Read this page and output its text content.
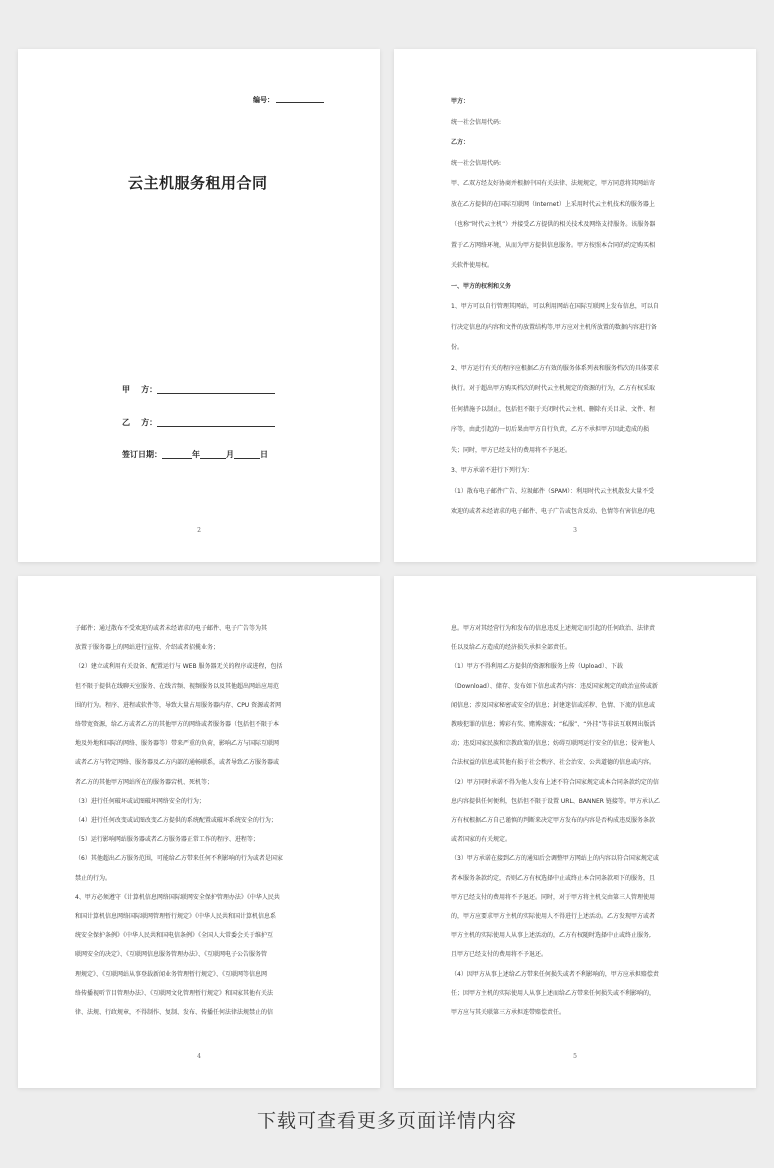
编号：
云主机服务租用合同
甲    方：
乙    方：
签订日期：	年	月	日
2

甲方：

统一社会信用代码:

乙方：

统一社会信用代码:

甲、乙双方经友好协商并根据中国有关法律、法规规定，甲方同意将其网站寄

放在乙方提供的在国际互联网（Internet）上采用时代云主机技术的服务器上

（也称“时代云主机”）并接受乙方提供的相关技术及网络支持服务。该服务器

置于乙方网络环境，从而为甲方提供信息服务。甲方按照本合同的约定购买相

关软件使用权。

一、甲方的权利和义务

1、甲方可以自行管理其网站，可以利用网站在国际互联网上发布信息，可以自

行决定信息的内容和文件的放置结构等,甲方应对主机所放置的数据内容进行备

份。

2、甲方运行有关的程序应根据乙方有效的服务体系列表和服务档次的具体要求

执行。对于超出甲方购买档次的时代云主机规定的资源的行为，乙方有权采取

任何措施予以制止，包括但不限于关闭时代云主机、删除有关目录、文件、程

序等，由此引起的一切后果由甲方自行负责，乙方不承担甲方因此造成的损

失；同时，甲方已经支付的费用将不予退还。

3、甲方承诺不进行下列行为：

（1）散布电子邮件广告、垃圾邮件（SPAM）：利用时代云主机散发大量不受

欢迎的或者未经请求的电子邮件、电子广告或包含反动、色情等有害信息的电

3

子邮件；通过散布不受欢迎的或者未经请求的电子邮件、电子广告等为其

放置于服务器上的网站进行宣传、介绍或者招揽业务；

（2）建立或利用有关设备、配置运行与 WEB 服务器无关的程序或进程，包括

但不限于提供在线聊天室服务、在线音频、视频服务以及其他超出网站应用范

围的行为。程序、进程或软件等，导致大量占用服务器内存、CPU 资源或者网

络带宽资源，给乙方或者乙方的其他甲方的网络或者服务器（包括但不限于本

地及外地和国际的网络、服务器等）带来严重的负荷，影响乙方与国际互联网

或者乙方与特定网络、服务器及乙方内部的通畅联系，或者导致乙方服务器或

者乙方的其他甲方网站所在的服务器宕机、死机等；

（3）进行任何破坏或试图破坏网络安全的行为；

（4）进行任何改变或试图改变乙方提供的系统配置或破坏系统安全的行为；

（5）运行影响网站服务器或者乙方服务器正常工作的程序、进程等；

（6）其他超出乙方服务范围，可能给乙方带来任何不利影响的行为或者是国家

禁止的行为。

4、甲方必须遵守《计算机信息网络国际联网安全保护管理办法》《中华人民共

和国计算机信息网络国际联网管理暂行规定》《中华人民共和国计算机信息系

统安全保护条例》《中华人民共和国电信条例》《全国人大常委会关于维护互

联网安全的决定》、《互联网信息服务管理办法》、《互联网电子公告服务管

理规定》、《互联网站从事登载新闻业务管理暂行规定》、《互联网等信息网

络传播视听节目管理办法》、《互联网文化管理暂行规定》和国家其他有关法

律、法规、行政规章，不得制作、复制、发布、传播任何法律法规禁止的信

4

息。甲方对其经营行为和发布的信息违反上述规定而引起的任何政治、法律责

任以及给乙方造成的经济损失承担全部责任。

（1）甲方不得利用乙方提供的资源和服务上传（Upload）、下载

（Download）、储存、发布如下信息或者内容：违反国家规定的政治宣传或新

闻信息；涉及国家秘密或安全的信息；封建迷信或淫秽、色情、下流的信息或

教唆犯罪的信息；博彩有奖、赌博游戏；“私服”、“外挂”等非法互联网出版活

动；违反国家民族和宗教政策的信息；妨碍互联网运行安全的信息；侵害他人

合法权益的信息或其他有损于社会秩序、社会治安、公共道德的信息或内容。

（2）甲方同时承诺不得为他人发布上述不符合国家规定或本合同条款约定的信

息内容提供任何便利，包括但不限于设置 URL、BANNER 链接等。甲方承认乙

方有权根据乙方自己谨慎的判断来决定甲方发布的内容是否构成违反服务条款

或者国家的有关规定。

（3）甲方承诺在接到乙方的通知后会调整甲方网站上的内容以符合国家规定或

者本服务条款约定，否则乙方有权选择中止或终止本合同条款项下的服务，且

甲方已经支付的费用将不予退还。同时，对于甲方将主机交由第三人管理使用

的，甲方应要求甲方主机的实际使用人不得进行上述活动。乙方发现甲方或者

甲方主机的实际使用人从事上述活动的，乙方有权随时选择中止或终止服务,

且甲方已经支付的费用将不予退还。

（4）因甲方从事上述给乙方带来任何损失或者不利影响的，甲方应承担赔偿责

任；因甲方主机的实际使用人从事上述而给乙方带来任何损失或不利影响的，

甲方应与其关联第三方承担连带赔偿责任。

5
下载可查看更多页面详情内容
